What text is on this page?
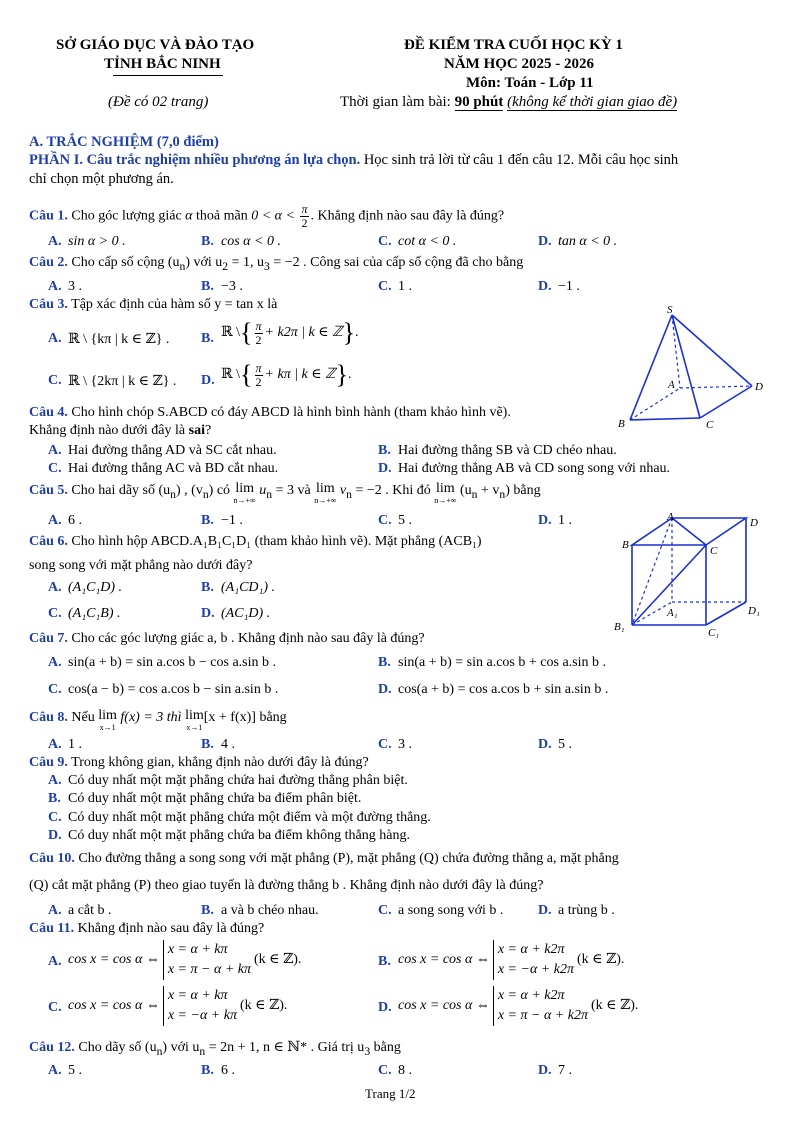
SỞ GIÁO DỤC VÀ ĐÀO TẠO
TỈNH BẮC NINH
(Đề có 02 trang)
ĐỀ KIỂM TRA CUỐI HỌC KỲ 1
NĂM HỌC 2025 - 2026
Môn: Toán - Lớp 11
Thời gian làm bài: 90 phút (không kể thời gian giao đề)
A. TRẮC NGHIỆM (7,0 điểm)
PHẦN I. Câu trắc nghiệm nhiều phương án lựa chọn. Học sinh trả lời từ câu 1 đến câu 12. Mỗi câu học sinh
chỉ chọn một phương án.
Câu 1. Cho góc lượng giác α thoả mãn $0 < \alpha < \frac{\pi}{2}$ . Khẳng định nào sau đây là đúng?
A. sin α > 0 .	B. cos α < 0 .	C. cot α < 0 .	D. tan α < 0 .
Câu 2. Cho cấp số cộng $(u_n)$ với $u_2 = 1$, $u_3 = -2$ . Công sai của cấp số cộng đã cho bằng
A. 3 .	B. −3 .	C. 1 .	D. −1 .
Câu 3. Tập xác định của hàm số y = tan x là
A. ℝ \ {kπ | k ∈ ℤ} . B. ℝ \{ $\frac{\pi}{2} + k2\pi$ | k ∈ ℤ}.
C. ℝ \ {2kπ | k ∈ ℤ} . D. ℝ \{ $\frac{\pi}{2} + k\pi$ | k ∈ ℤ}.
S
A
B	C
D
Câu 4. Cho hình chóp S.ABCD có đáy ABCD là hình bình hành (tham khảo hình vẽ).
Khẳng định nào dưới đây là sai?
A. Hai đường thẳng AD và SC cắt nhau.	B. Hai đường thẳng SB và CD chéo nhau.
C. Hai đường thẳng AC và BD cắt nhau.	D. Hai đường thẳng AB và CD song song với nhau.
Câu 5. Cho hai dãy số $(u_n)$ , $(v_n)$ có lim
n→+∞
$u_n = 3$ và lim
n→+∞
$v_n = -2$ . Khi đó lim
n→+∞
$(u_n + v_n)$ bằng
A. 6 .	B. −1 .	C. 5 .	D. 1 .	A
B	C
D
A₁
B₁	C₁
D₁
Câu 6. Cho hình hộp ABCD.A₁B₁C₁D₁ (tham khảo hình vẽ). Mặt phẳng (ACB₁)
song song với mặt phẳng nào dưới đây?
A. (A₁C₁D) .	B. (A₁CD₁) .
C. (A₁C₁B) .	D. (AC₁D) .
Câu 7. Cho các góc lượng giác a, b . Khẳng định nào sau đây là đúng?
A. sin(a + b) = sin a.cos b − cos a.sin b .	B. sin(a + b) = sin a.cos b + cos a.sin b .
C. cos(a − b) = cos a.cos b − sin a.sin b .	D. cos(a + b) = cos a.cos b + sin a.sin b .
Câu 8. Nếu lim
x→1
f(x) = 3 thì lim
x→1
[x + f(x)] bằng
A. 1 .	B. 4 .	C. 3 .	D. 5 .
Câu 9. Trong không gian, khẳng định nào dưới đây là đúng?
A. Có duy nhất một mặt phẳng chứa hai đường thẳng phân biệt.
B. Có duy nhất một mặt phẳng chứa ba điểm phân biệt.
C. Có duy nhất một mặt phẳng chứa một điểm và một đường thẳng.
D. Có duy nhất một mặt phẳng chứa ba điểm không thẳng hàng.
Câu 10. Cho đường thẳng a song song với mặt phẳng (P), mặt phẳng (Q) chứa đường thẳng a, mặt phẳng
(Q) cắt mặt phẳng (P) theo giao tuyến là đường thẳng b . Khẳng định nào dưới đây là đúng?
A. a cắt b .	B. a và b chéo nhau.	C. a song song với b . D. a trùng b .
Câu 11. Khẳng định nào sau đây là đúng?
A. cos x = cos α ⇔x = α + kπ
x = π − α + kπ(k ∈ ℤ).	B. cos x = cos α ⇔x = α + k2π
x = −α + k2π(k ∈ ℤ).
C. cos x = cos α ⇔x = α + kπ
x = −α + kπ(k ∈ ℤ).	D. cos x = cos α ⇔x = α + k2π
x = π − α + k2π(k ∈ ℤ).
Câu 12. Cho dãy số $(u_n)$ với $u_n = 2n + 1$, n ∈ ℕ* . Giá trị $u_3$ bằng
A. 5 .	B. 6 .	C. 8 .	D. 7 .
Trang 1/2
